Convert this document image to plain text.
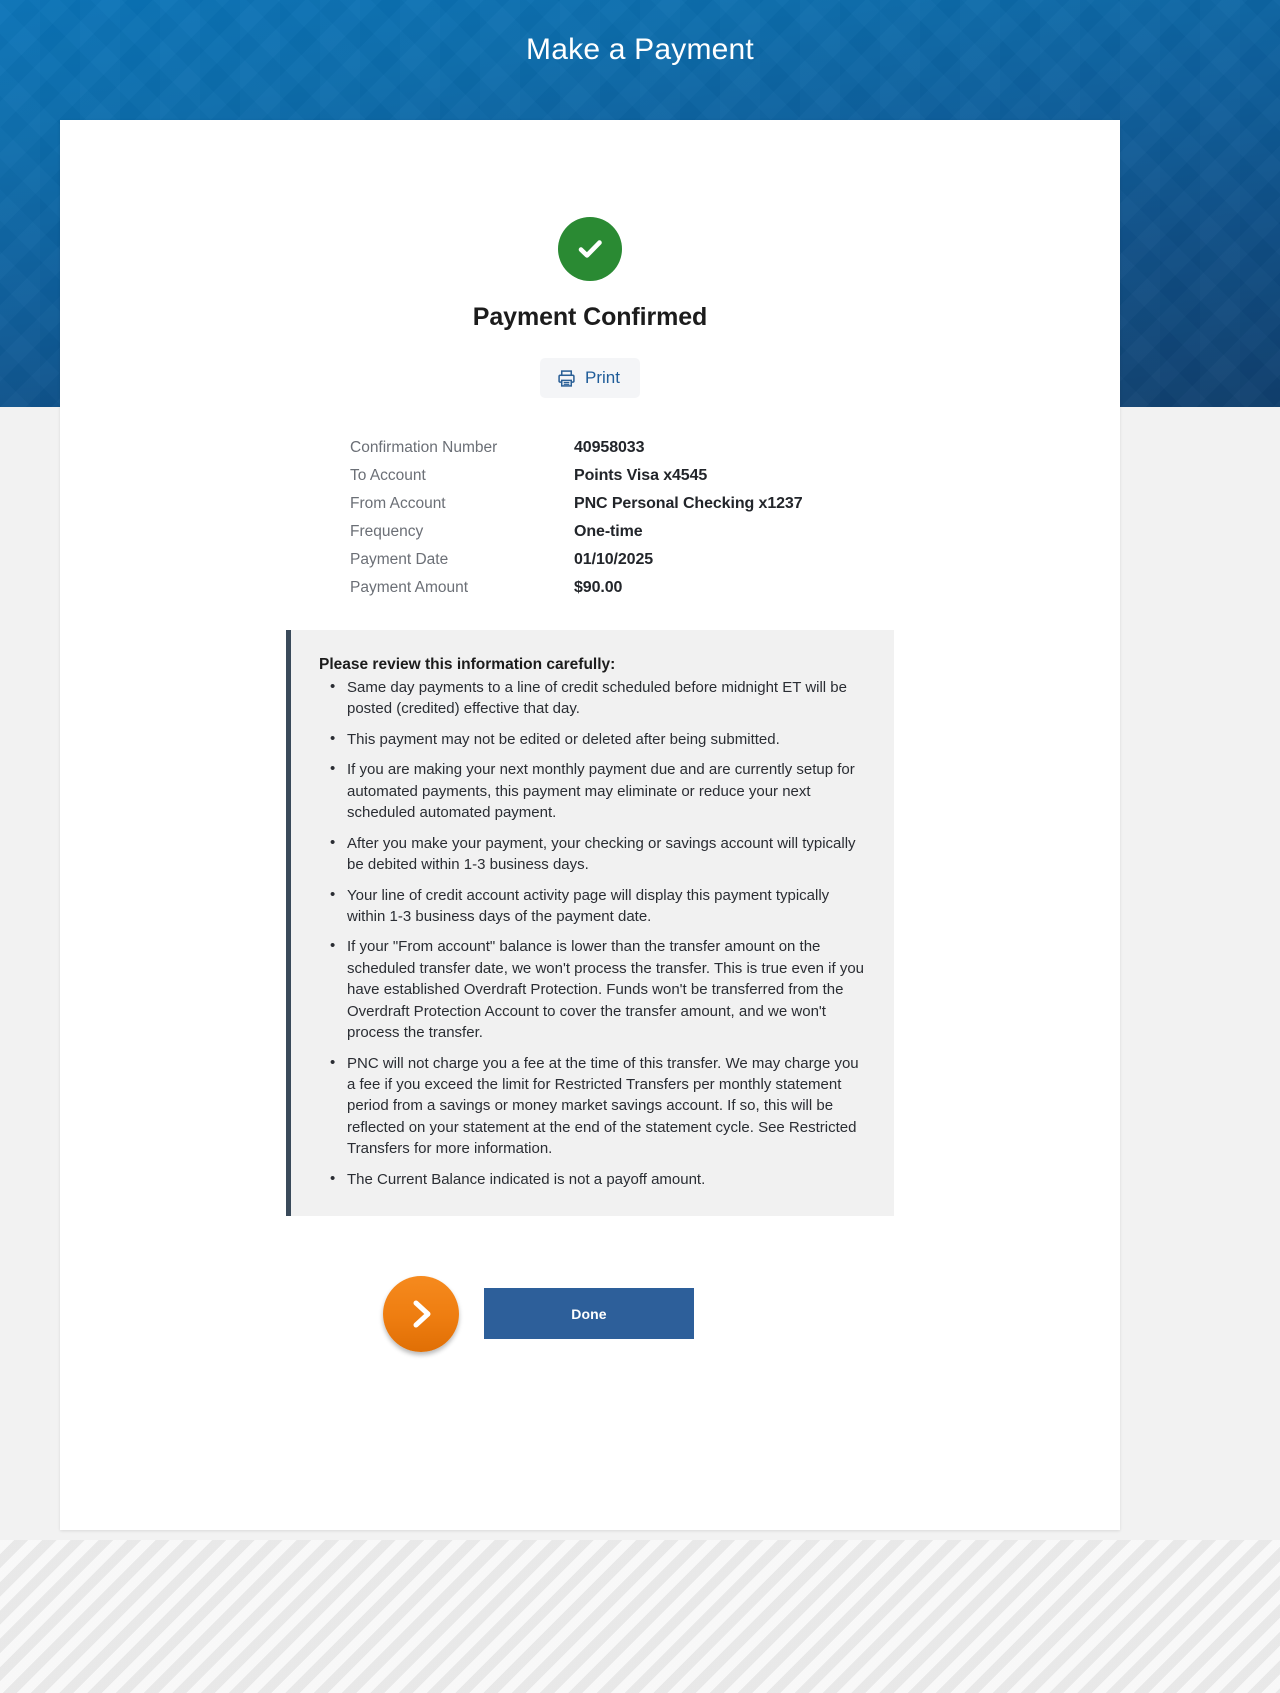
Make a Payment
Payment Confirmed
Print
Confirmation Number	40958033
To Account	Points Visa x4545
From Account	PNC Personal Checking x1237
Frequency	One-time
Payment Date	01/10/2025
Payment Amount	$90.00
Please review this information carefully:
• Same day payments to a line of credit scheduled before midnight ET will be posted (credited) effective that day.
• This payment may not be edited or deleted after being submitted.
• If you are making your next monthly payment due and are currently setup for automated payments, this payment may eliminate or reduce your next scheduled automated payment.
• After you make your payment, your checking or savings account will typically be debited within 1-3 business days.
• Your line of credit account activity page will display this payment typically within 1-3 business days of the payment date.
• If your "From account" balance is lower than the transfer amount on the scheduled transfer date, we won't process the transfer. This is true even if you have established Overdraft Protection. Funds won't be transferred from the Overdraft Protection Account to cover the transfer amount, and we won't process the transfer.
• PNC will not charge you a fee at the time of this transfer. We may charge you a fee if you exceed the limit for Restricted Transfers per monthly statement period from a savings or money market savings account. If so, this will be reflected on your statement at the end of the statement cycle. See Restricted Transfers for more information.
• The Current Balance indicated is not a payoff amount.
Done
